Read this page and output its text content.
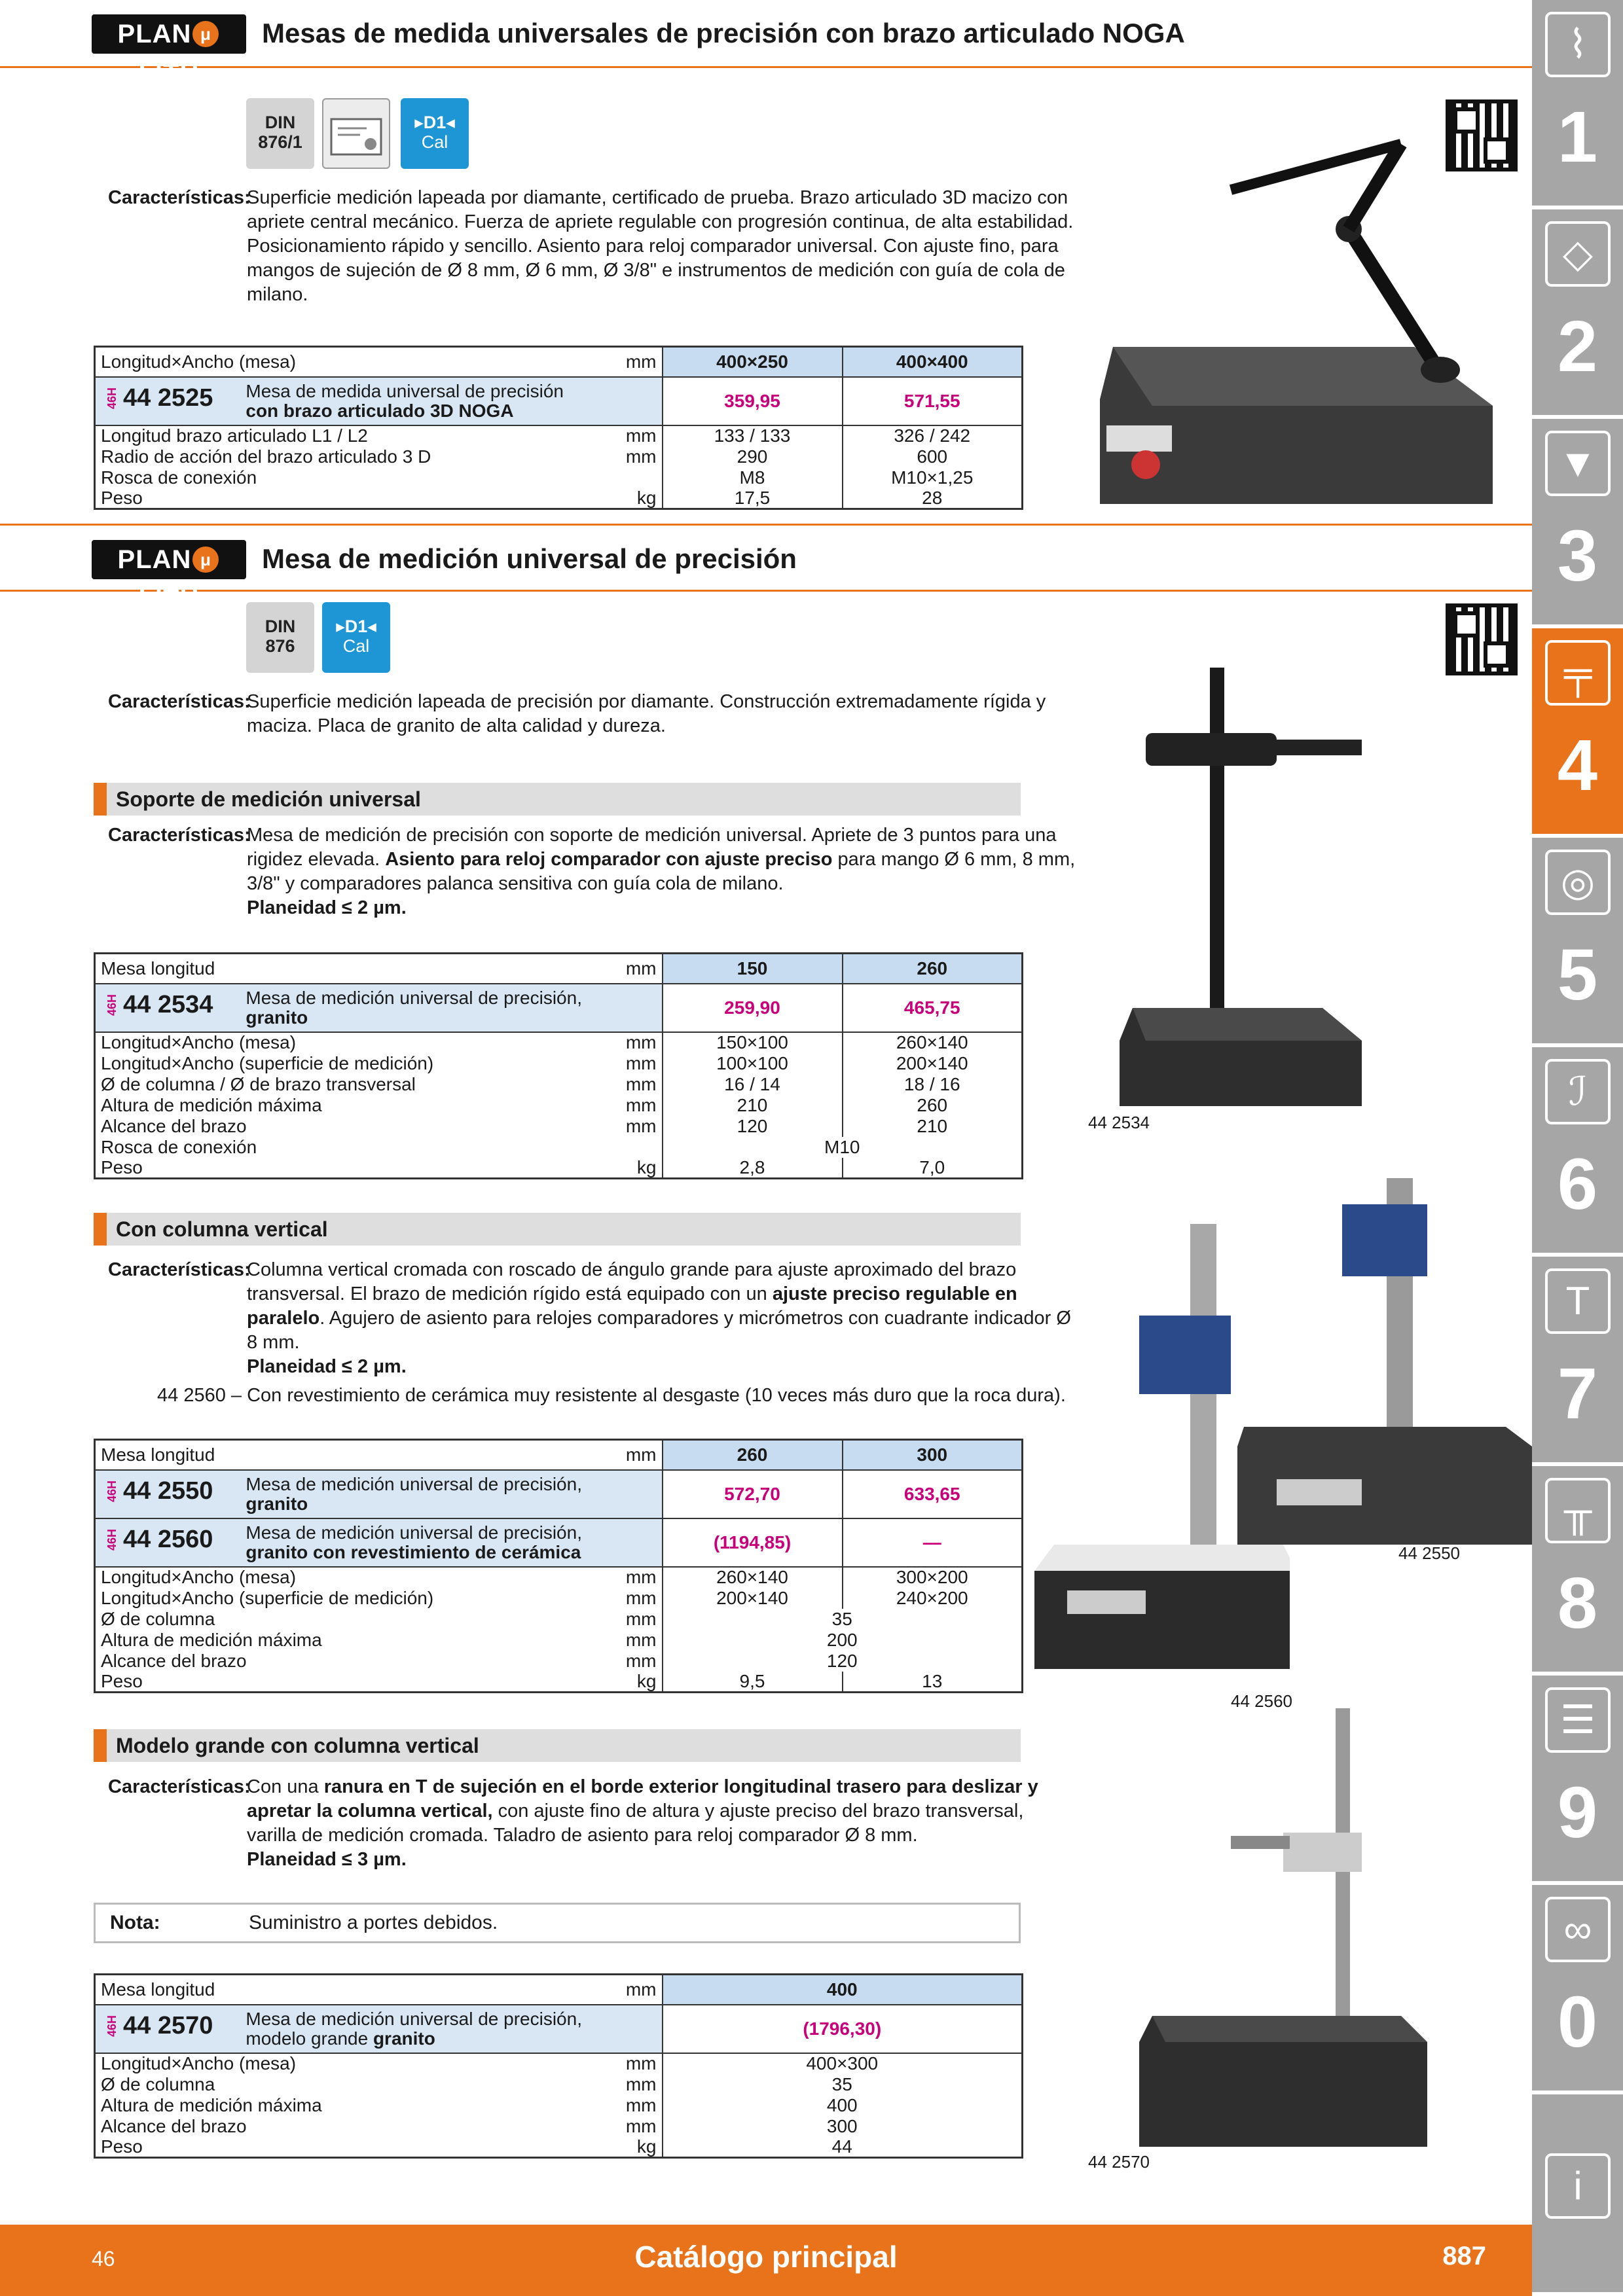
PLAN μLITH
Mesas de medida universales de precisión con brazo articulado NOGA
DIN
876/1
▸D1◂
Cal
Características:
Superficie medición lapeada por diamante, certificado de prueba. Brazo articulado 3D macizo con apriete central mecánico. Fuerza de apriete regulable con progresión continua, de alta estabilidad. Posicionamiento rápido y sencillo. Asiento para reloj comparador universal. Con ajuste fino, para mangos de sujeción de Ø 8 mm, Ø 6 mm, Ø 3/8" e instrumentos de medición con guía de cola de milano.
Longitud×Ancho (mesa)	mm	400×250	400×400
46H 44 2525 Mesa de medida universal de precisión
con brazo articulado 3D NOGA		359,95	571,55
Longitud brazo articulado L1 / L2	mm	133 / 133	326 / 242
Radio de acción del brazo articulado 3 D	mm	290	600
Rosca de conexión		M8	M10×1,25
Peso	kg	17,5	28
PLAN μLITH
Mesa de medición universal de precisión
DIN
876
▸D1◂
Cal
Características:
Superficie medición lapeada de precisión por diamante. Construcción extremadamente rígida y maciza. Placa de granito de alta calidad y dureza.
Soporte de medición universal
Características:
Mesa de medición de precisión con soporte de medición universal. Apriete de 3 puntos para una rigidez elevada. Asiento para reloj comparador con ajuste preciso para mango Ø 6 mm, 8 mm, 3/8" y comparadores palanca sensitiva con guía cola de milano.
Planeidad ≤ 2 µm.
44 2534
Mesa longitud	mm	150	260
46H 44 2534 Mesa de medición universal de precisión,
granito		259,90	465,75
Longitud×Ancho (mesa)	mm	150×100	260×140
Longitud×Ancho (superficie de medición)	mm	100×100	200×140
Ø de columna / Ø de brazo transversal	mm	16 / 14	18 / 16
Altura de medición máxima	mm	210	260
Alcance del brazo	mm	120	210
Rosca de conexión		M10	
Peso	kg	2,8	7,0
Con columna vertical
Características:
Columna vertical cromada con roscado de ángulo grande para ajuste aproximado del brazo transversal. El brazo de medición rígido está equipado con un ajuste preciso regulable en paralelo. Agujero de asiento para relojes comparadores y micrómetros con cuadrante indicador Ø 8 mm.
Planeidad ≤ 2 µm.
44 2560 – Con revestimiento de cerámica muy resistente al desgaste (10 veces más duro que la roca dura).
44 2550
44 2560
Mesa longitud	mm	260	300
46H 44 2550 Mesa de medición universal de precisión,
granito		572,70	633,65
46H 44 2560 Mesa de medición universal de precisión,
granito con revestimiento de cerámica		(1194,85)	—
Longitud×Ancho (mesa)	mm	260×140	300×200
Longitud×Ancho (superficie de medición)	mm	200×140	240×200
Ø de columna	mm	35	
Altura de medición máxima	mm	200	
Alcance del brazo	mm	120	
Peso	kg	9,5	13
Modelo grande con columna vertical
Características:
Con una ranura en T de sujeción en el borde exterior longitudinal trasero para deslizar y apretar la columna vertical, con ajuste fino de altura y ajuste preciso del brazo transversal, varilla de medición cromada. Taladro de asiento para reloj comparador Ø 8 mm.
Planeidad ≤ 3 µm.
Nota:	Suministro a portes debidos.
44 2570
Mesa longitud	mm	400
46H 44 2570 Mesa de medición universal de precisión,
modelo grande granito		(1796,30)
Longitud×Ancho (mesa)	mm	400×300
Ø de columna	mm	35
Altura de medición máxima	mm	400
Alcance del brazo	mm	300
Peso	kg	44
⌇
1
◇
2
▼
3
╤
4
◎
5
ℐ
6
T
7
╥
8
☰
9
∞
0
i
46	Catálogo principal	887
